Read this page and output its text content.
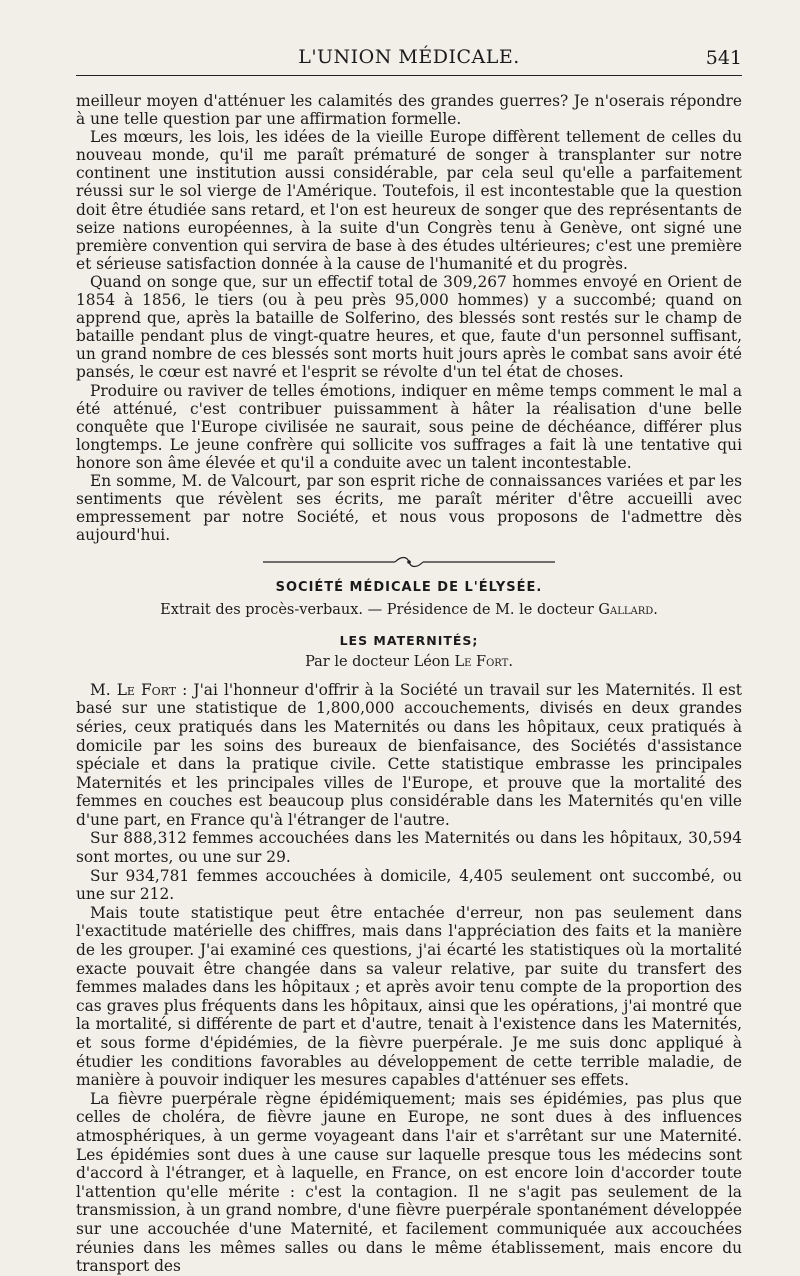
L'UNION MÉDICALE.	541

meilleur moyen d'atténuer les calamités des grandes guerres? Je n'oserais répondre à une telle question par une affirmation formelle.

Les mœurs, les lois, les idées de la vieille Europe diffèrent tellement de celles du nouveau monde, qu'il me paraît prématuré de songer à transplanter sur notre continent une institution aussi considérable, par cela seul qu'elle a parfaitement réussi sur le sol vierge de l'Amérique. Toutefois, il est incontestable que la question doit être étudiée sans retard, et l'on est heureux de songer que des représentants de seize nations européennes, à la suite d'un Congrès tenu à Genève, ont signé une première convention qui servira de base à des études ultérieures; c'est une première et sérieuse satisfaction donnée à la cause de l'humanité et du progrès.

Quand on songe que, sur un effectif total de 309,267 hommes envoyé en Orient de 1854 à 1856, le tiers (ou à peu près 95,000 hommes) y a succombé; quand on apprend que, après la bataille de Solferino, des blessés sont restés sur le champ de bataille pendant plus de vingt-quatre heures, et que, faute d'un personnel suffisant, un grand nombre de ces blessés sont morts huit jours après le combat sans avoir été pansés, le cœur est navré et l'esprit se révolte d'un tel état de choses.

Produire ou raviver de telles émotions, indiquer en même temps comment le mal a été atténué, c'est contribuer puissamment à hâter la réalisation d'une belle conquête que l'Europe civilisée ne saurait, sous peine de déchéance, différer plus longtemps. Le jeune confrère qui sollicite vos suffrages a fait là une tentative qui honore son âme élevée et qu'il a conduite avec un talent incontestable.

En somme, M. de Valcourt, par son esprit riche de connaissances variées et par les sentiments que révèlent ses écrits, me paraît mériter d'être accueilli avec empressement par notre Société, et nous vous proposons de l'admettre dès aujourd'hui.

SOCIÉTÉ MÉDICALE DE L'ÉLYSÉE.
Extrait des procès-verbaux. — Présidence de M. le docteur Gallard.
LES MATERNITÉS;
Par le docteur Léon Le Fort.

M. Le Fort : J'ai l'honneur d'offrir à la Société un travail sur les Maternités. Il est basé sur une statistique de 1,800,000 accouchements, divisés en deux grandes séries, ceux pratiqués dans les Maternités ou dans les hôpitaux, ceux pratiqués à domicile par les soins des bureaux de bienfaisance, des Sociétés d'assistance spéciale et dans la pratique civile. Cette statistique embrasse les principales Maternités et les principales villes de l'Europe, et prouve que la mortalité des femmes en couches est beaucoup plus considérable dans les Maternités qu'en ville d'une part, en France qu'à l'étranger de l'autre.

Sur 888,312 femmes accouchées dans les Maternités ou dans les hôpitaux, 30,594 sont mortes, ou une sur 29.

Sur 934,781 femmes accouchées à domicile, 4,405 seulement ont succombé, ou une sur 212.

Mais toute statistique peut être entachée d'erreur, non pas seulement dans l'exactitude matérielle des chiffres, mais dans l'appréciation des faits et la manière de les grouper. J'ai examiné ces questions, j'ai écarté les statistiques où la mortalité exacte pouvait être changée dans sa valeur relative, par suite du transfert des femmes malades dans les hôpitaux ; et après avoir tenu compte de la proportion des cas graves plus fréquents dans les hôpitaux, ainsi que les opérations, j'ai montré que la mortalité, si différente de part et d'autre, tenait à l'existence dans les Maternités, et sous forme d'épidémies, de la fièvre puerpérale. Je me suis donc appliqué à étudier les conditions favorables au développement de cette terrible maladie, de manière à pouvoir indiquer les mesures capables d'atténuer ses effets.

La fièvre puerpérale règne épidémiquement; mais ses épidémies, pas plus que celles de choléra, de fièvre jaune en Europe, ne sont dues à des influences atmosphériques, à un germe voyageant dans l'air et s'arrêtant sur une Maternité. Les épidémies sont dues à une cause sur laquelle presque tous les médecins sont d'accord à l'étranger, et à laquelle, en France, on est encore loin d'accorder toute l'attention qu'elle mérite : c'est la contagion. Il ne s'agit pas seulement de la transmission, à un grand nombre, d'une fièvre puerpérale spontanément développée sur une accouchée d'une Maternité, et facilement communiquée aux accouchées réunies dans les mêmes salles ou dans le même établissement, mais encore du transport des
